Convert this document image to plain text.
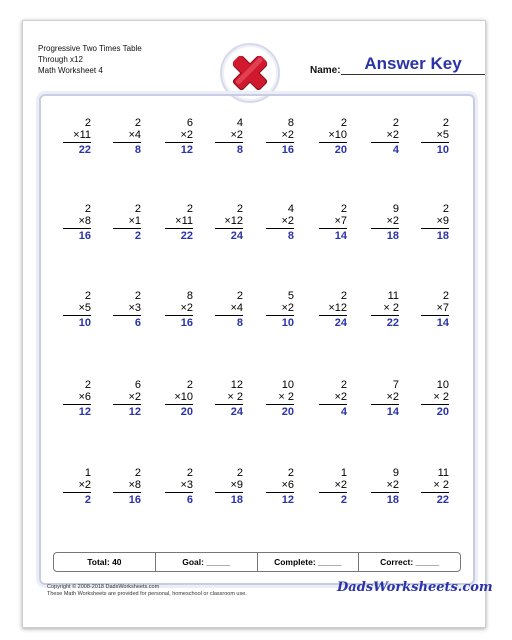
Progressive Two Times Table
Through x12
Math Worksheet 4	Name:	Answer Key
2
×11
22
2
×4
8
6
×2
12
4
×2
8
8
×2
16
2
×10
20
2
×2
4
2
×5
10
2
×8
16
2
×1
2
2
×11
22
2
×12
24
4
×2
8
2
×7
14
9
×2
18
2
×9
18
2
×5
10
2
×3
6
8
×2
16
2
×4
8
5
×2
10
2
×12
24
11
× 2
22
2
×7
14
2
×6
12
6
×2
12
2
×10
20
12
× 2
24
10
× 2
20
2
×2
4
7
×2
14
10
× 2
20
1
×2
2
2
×8
16
2
×3
6
2
×9
18
2
×6
12
1
×2
2
9
×2
18
11
× 2
22
Total: 40	Goal: _____	Complete: _____	Correct: _____
Copyright © 2008-2018 DadsWorksheets.com
These Math Worksheets are provided for personal, homeschool or classroom use.	DadsWorksheets.com
